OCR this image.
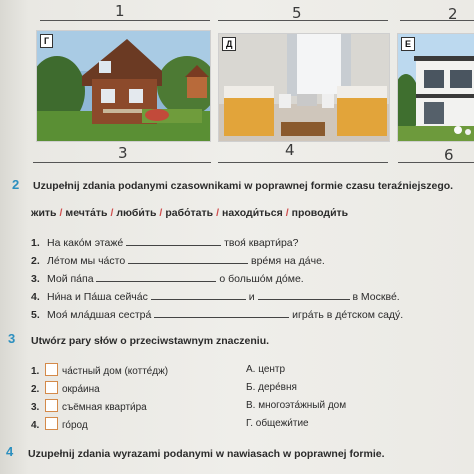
1	5	2
Г	Д	Е
3	4	6
2 Uzupełnij zdania podanymi czasownikami w poprawnej formie czasu teraźniejszego.
жить / мечта́ть / люби́ть / рабо́тать / находи́ться / проводи́ть
1. На како́м этаже́	твоя́ кварти́ра?
2. Ле́том мы ча́сто	вре́мя на да́че.
3. Мой па́па	о большо́м до́ме.
4. Ни́на и Па́ша сейча́с	и	в Москве́.
5. Моя́ мла́дшая сестра́	игра́ть в де́тском саду́.
3 Utwórz pary słów o przeciwstawnym znaczeniu.
1. ча́стный дом (котте́дж)
2. окра́ина
3. съёмная кварти́ра
4. го́род
А. центр
Б. дере́вня
В. многоэта́жный дом
Г. общежи́тие
4 Uzupełnij zdania wyrazami podanymi w nawiasach w poprawnej formie.
